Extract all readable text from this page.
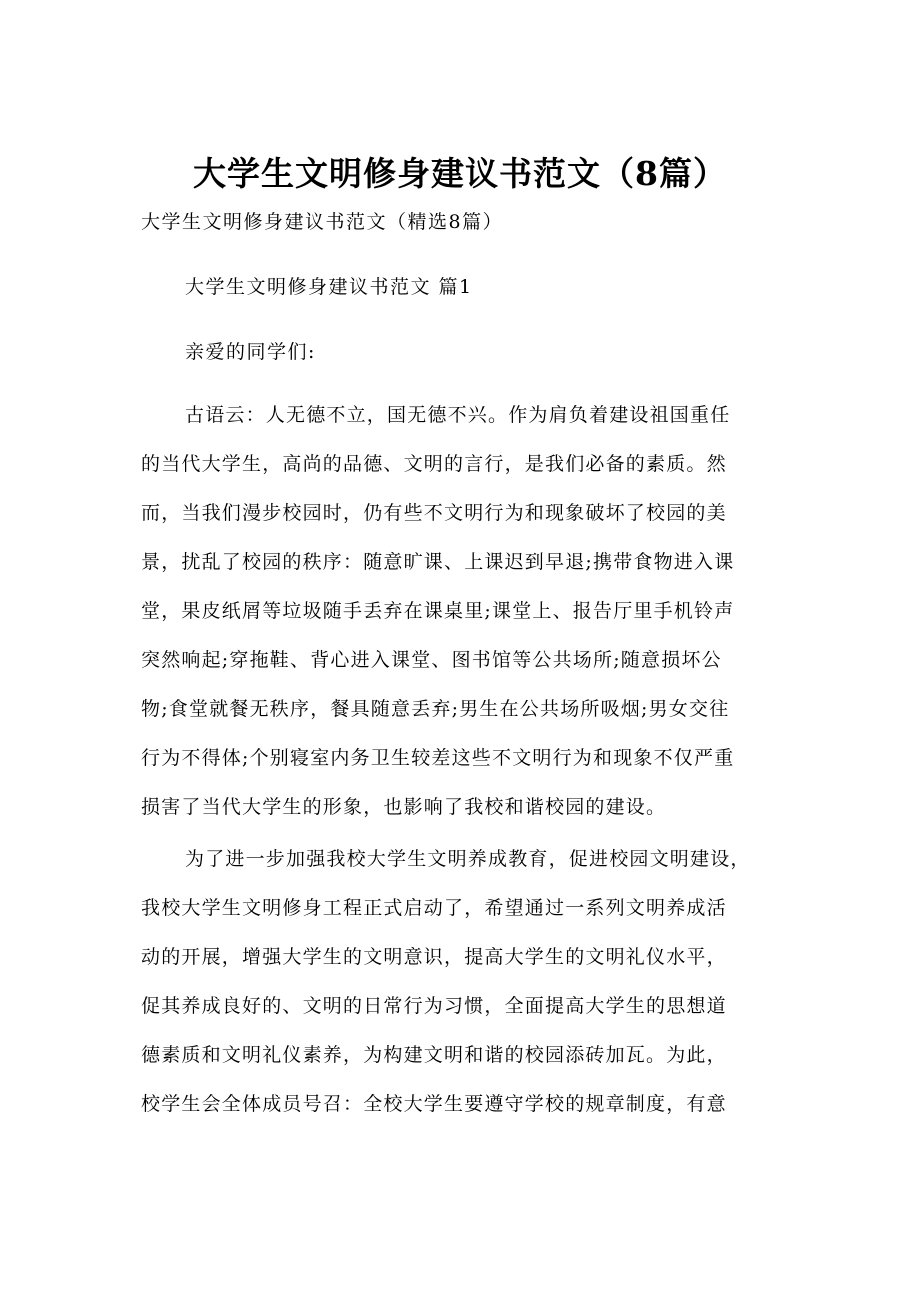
大学生文明修身建议书范文（8篇）
大学生文明修身建议书范文（精选8篇）
大学生文明修身建议书范文 篇1
亲爱的同学们:
古语云：人无德不立，国无德不兴。作为肩负着建设祖国重任
的当代大学生，高尚的品德、文明的言行，是我们必备的素质。然
而，当我们漫步校园时，仍有些不文明行为和现象破坏了校园的美
景，扰乱了校园的秩序：随意旷课、上课迟到早退;携带食物进入课
堂，果皮纸屑等垃圾随手丢弃在课桌里;课堂上、报告厅里手机铃声
突然响起;穿拖鞋、背心进入课堂、图书馆等公共场所;随意损坏公
物;食堂就餐无秩序，餐具随意丢弃;男生在公共场所吸烟;男女交往
行为不得体;个别寝室内务卫生较差这些不文明行为和现象不仅严重
损害了当代大学生的形象，也影响了我校和谐校园的建设。
为了进一步加强我校大学生文明养成教育，促进校园文明建设，
我校大学生文明修身工程正式启动了，希望通过一系列文明养成活
动的开展，增强大学生的文明意识，提高大学生的文明礼仪水平，
促其养成良好的、文明的日常行为习惯，全面提高大学生的思想道
德素质和文明礼仪素养，为构建文明和谐的校园添砖加瓦。为此，
校学生会全体成员号召：全校大学生要遵守学校的规章制度，有意
